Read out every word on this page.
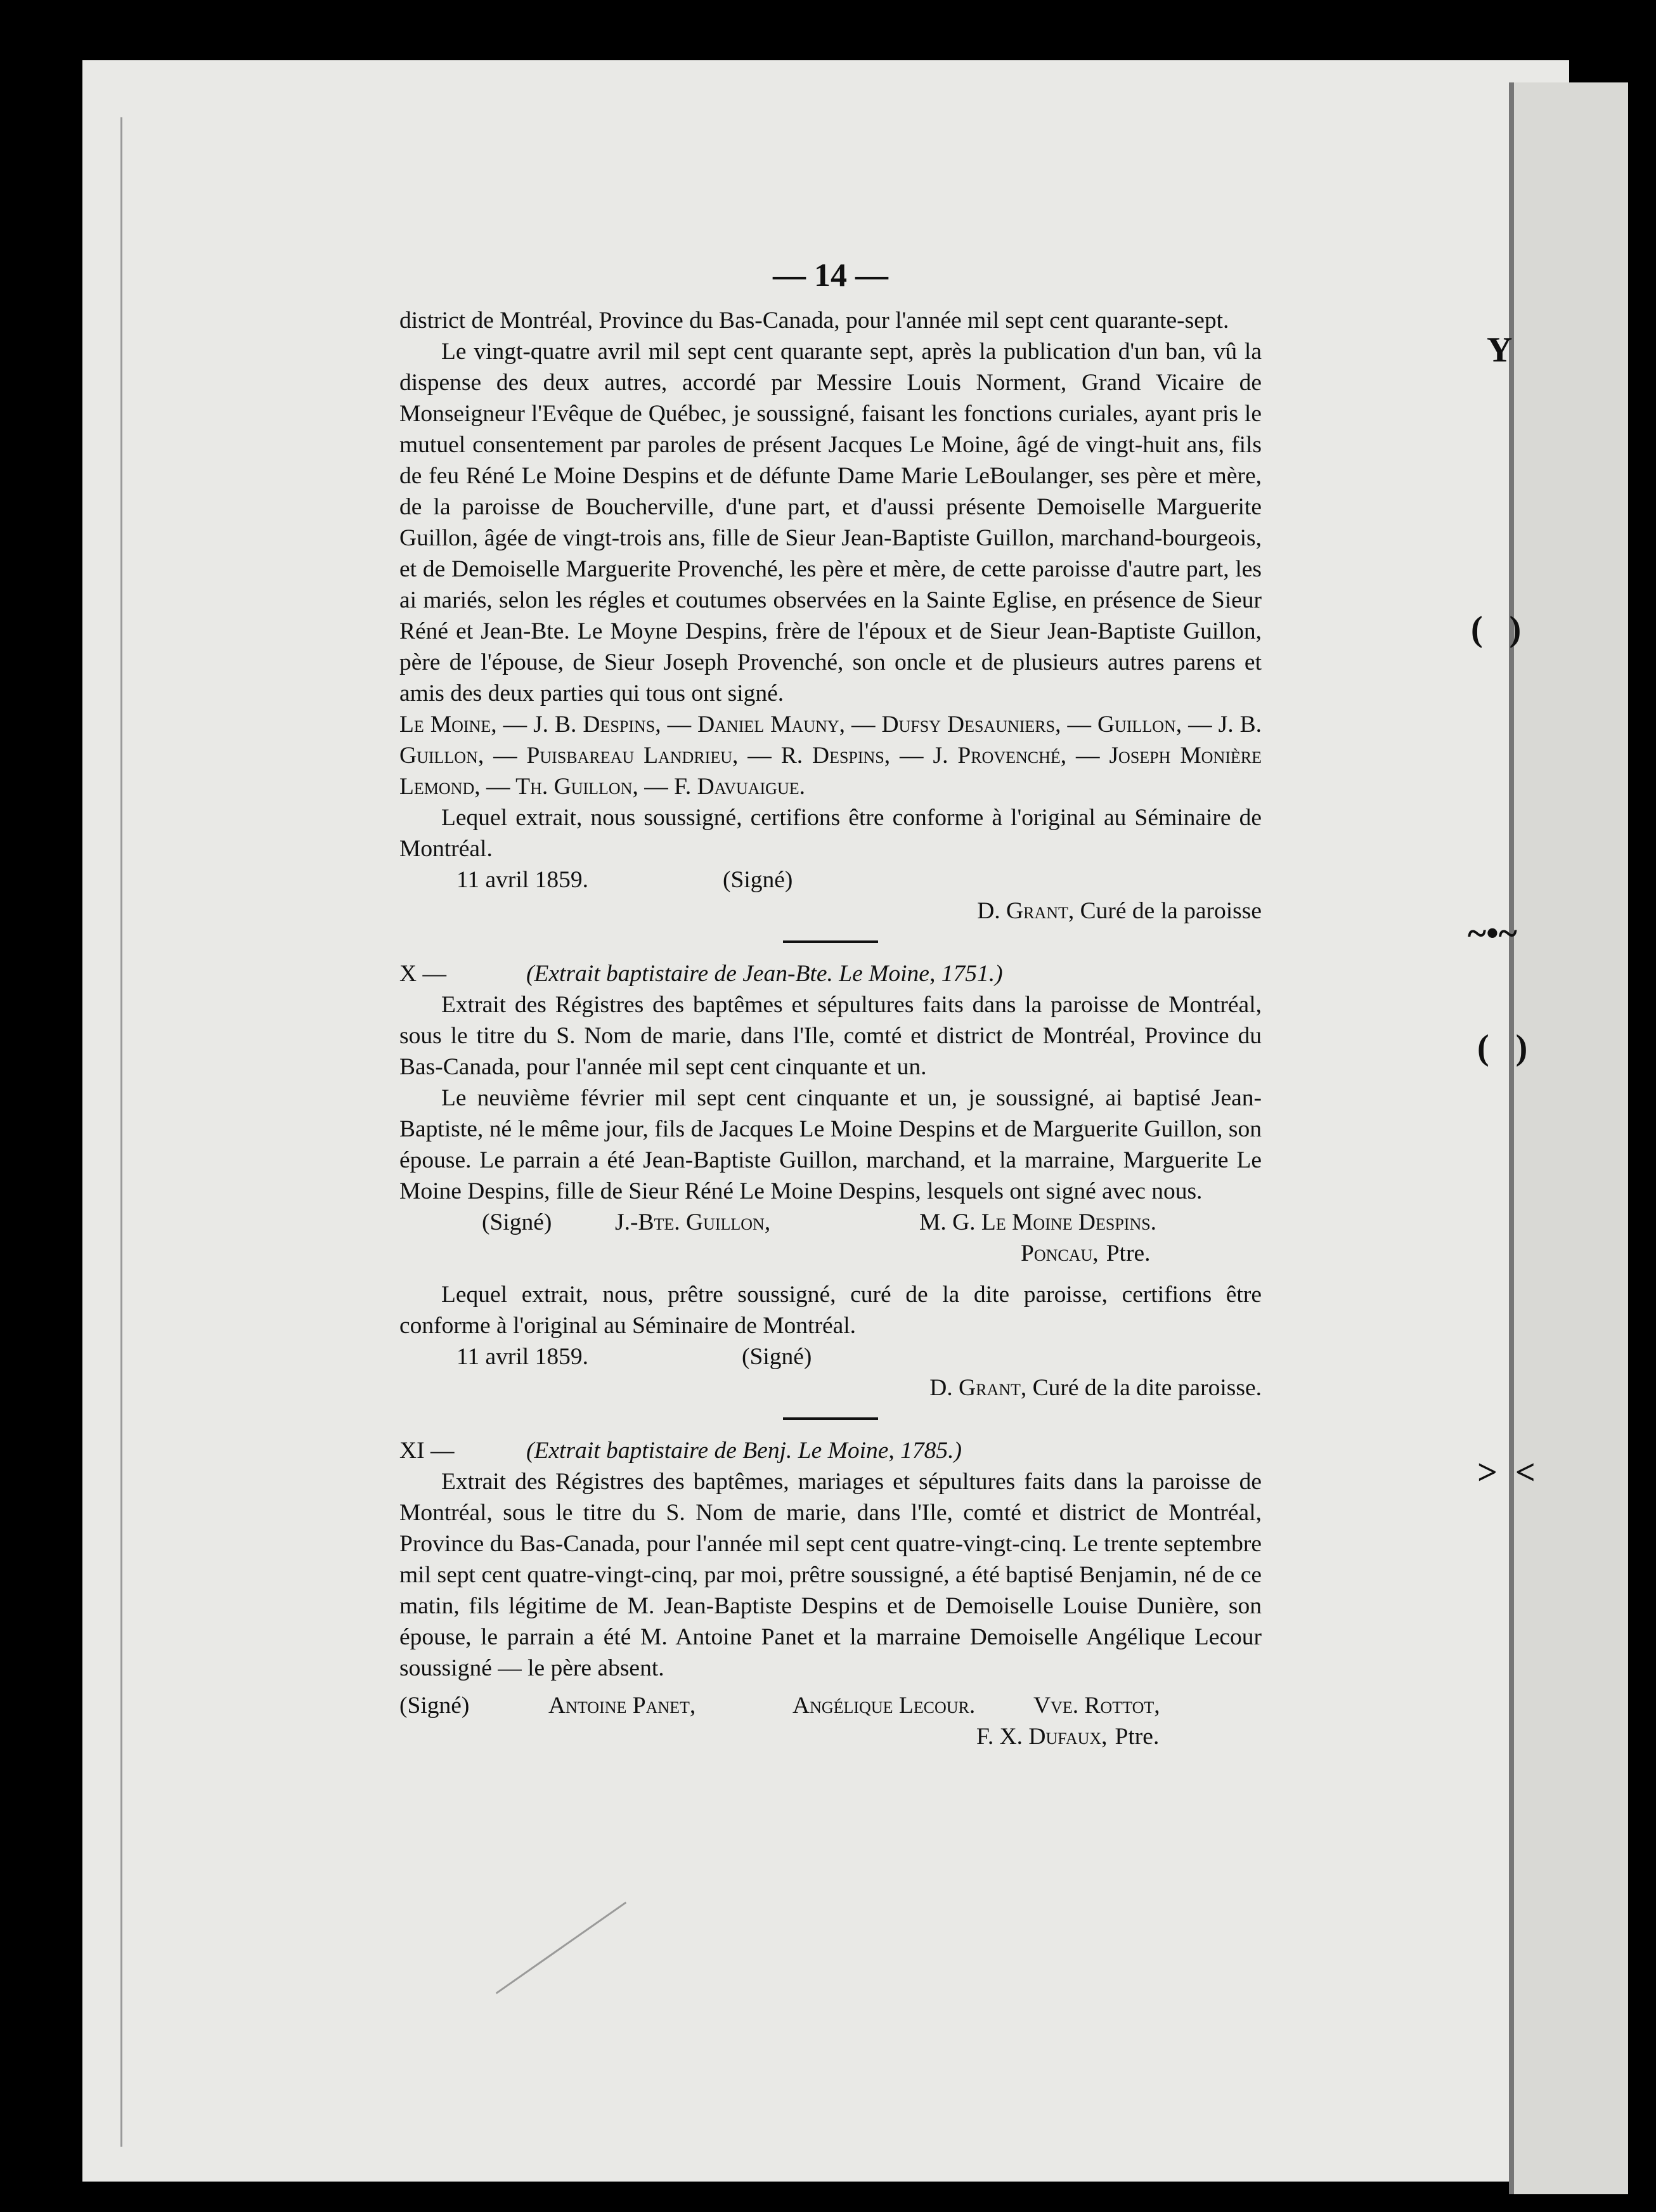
Y
(   )
~•~
(   )
>  <
— 14 —

district de Montréal, Province du Bas-Canada, pour l'année mil sept cent quarante-sept.

Le vingt-quatre avril mil sept cent quarante sept, après la publication d'un ban, vû la dispense des deux autres, accordé par Messire Louis Norment, Grand Vicaire de Monseigneur l'Evêque de Québec, je soussigné, faisant les fonctions curiales, ayant pris le mutuel consentement par paroles de présent Jacques Le Moine, âgé de vingt-huit ans, fils de feu Réné Le Moine Despins et de défunte Dame Marie LeBoulanger, ses père et mère, de la paroisse de Boucherville, d'une part, et d'aussi présente Demoiselle Marguerite Guillon, âgée de vingt-trois ans, fille de Sieur Jean-Baptiste Guillon, marchand-bourgeois, et de Demoiselle Marguerite Provenché, les père et mère, de cette paroisse d'autre part, les ai mariés, selon les régles et coutumes observées en la Sainte Eglise, en présence de Sieur Réné et Jean-Bte. Le Moyne Despins, frère de l'époux et de Sieur Jean-Baptiste Guillon, père de l'épouse, de Sieur Joseph Provenché, son oncle et de plusieurs autres parens et amis des deux parties qui tous ont signé.

Le Moine, — J. B. Despins, — Daniel Mauny, — Dufsy Desauniers, — Guillon, — J. B. Guillon, — Puisbareau Landrieu, — R. Despins, — J. Provenché, — Joseph Monière Lemond, — Th. Guillon, — F. Davuaigue.

Lequel extrait, nous soussigné, certifions être conforme à l'original au Séminaire de Montréal.

11 avril 1859.	(Signé)
D. Grant, Curé de la paroisse
X —	(Extrait baptistaire de Jean-Bte. Le Moine, 1751.)

Extrait des Régistres des baptêmes et sépultures faits dans la paroisse de Montréal, sous le titre du S. Nom de marie, dans l'Ile, comté et district de Montréal, Province du Bas-Canada, pour l'année mil sept cent cinquante et un.

Le neuvième février mil sept cent cinquante et un, je soussigné, ai baptisé Jean-Baptiste, né le même jour, fils de Jacques Le Moine Despins et de Marguerite Guillon, son épouse. Le parrain a été Jean-Baptiste Guillon, marchand, et la marraine, Marguerite Le Moine Despins, fille de Sieur Réné Le Moine Despins, lesquels ont signé avec nous.

(Signé)	J.-Bte. Guillon,	M. G. Le Moine Despins.
Poncau, Ptre.

Lequel extrait, nous, prêtre soussigné, curé de la dite paroisse, certifions être conforme à l'original au Séminaire de Montréal.

11 avril 1859.	(Signé)
D. Grant, Curé de la dite paroisse.
XI —	(Extrait baptistaire de Benj. Le Moine, 1785.)

Extrait des Régistres des baptêmes, mariages et sépultures faits dans la paroisse de Montréal, sous le titre du S. Nom de marie, dans l'Ile, comté et district de Montréal, Province du Bas-Canada, pour l'année mil sept cent quatre-vingt-cinq. Le trente septembre mil sept cent quatre-vingt-cinq, par moi, prêtre soussigné, a été baptisé Benjamin, né de ce matin, fils légitime de M. Jean-Baptiste Despins et de Demoiselle Louise Dunière, son épouse, le parrain a été M. Antoine Panet et la marraine Demoiselle Angélique Lecour soussigné — le père absent.

(Signé)	Antoine Panet,	Angélique Lecour.	Vve. Rottot,
F. X. Dufaux, Ptre.
